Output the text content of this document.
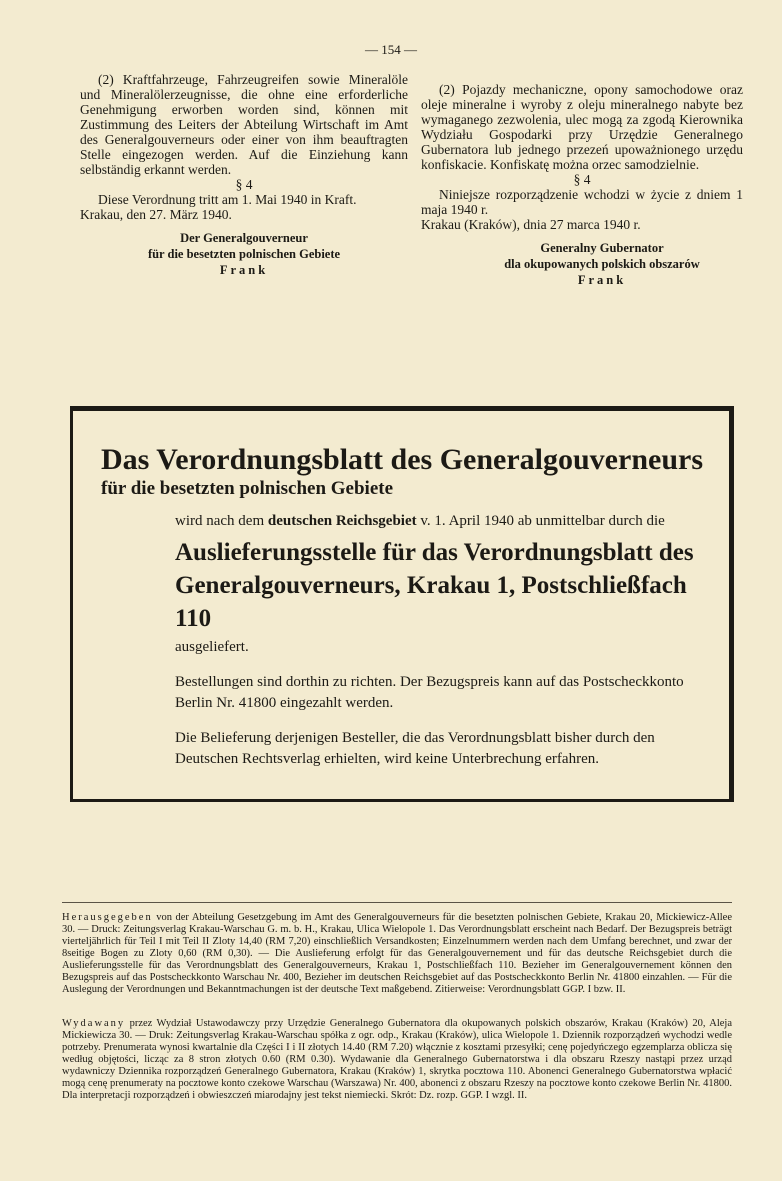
— 154 —

(2) Kraftfahrzeuge, Fahrzeugreifen sowie Mineralöle und Mineralölerzeugnisse, die ohne eine erforderliche Genehmigung erworben worden sind, können mit Zustimmung des Leiters der Abteilung Wirtschaft im Amt des Generalgouverneurs oder einer von ihm beauftragten Stelle eingezogen werden. Auf die Einziehung kann selbständig erkannt werden.

§ 4

Diese Verordnung tritt am 1. Mai 1940 in Kraft.

Krakau, den 27. März 1940.

Der Generalgouverneur
für die besetzten polnischen Gebiete
Frank

(2) Pojazdy mechaniczne, opony samochodowe oraz oleje mineralne i wyroby z oleju mineralnego nabyte bez wymaganego zezwolenia, ulec mogą za zgodą Kierownika Wydziału Gospodarki przy Urzędzie Generalnego Gubernatora lub jednego przezeń upoważnionego urzędu konfiskacie. Konfiskatę można orzec samodzielnie.

§ 4

Niniejsze rozporządzenie wchodzi w życie z dniem 1 maja 1940 r.

Krakau (Kraków), dnia 27 marca 1940 r.

Generalny Gubernator
dla okupowanych polskich obszarów
Frank

Das Verordnungsblatt des Generalgouverneurs

für die besetzten polnischen Gebiete

wird nach dem deutschen Reichsgebiet v. 1. April 1940 ab unmittelbar durch die

Auslieferungsstelle für das Verordnungsblatt des

Generalgouverneurs, Krakau 1, Postschließfach 110

ausgeliefert.

Bestellungen sind dorthin zu richten. Der Bezugspreis kann auf das Postscheckkonto Berlin Nr. 41800 eingezahlt werden.

Die Belieferung derjenigen Besteller, die das Verordnungsblatt bisher durch den Deutschen Rechtsverlag erhielten, wird keine Unterbrechung erfahren.

Herausgegeben von der Abteilung Gesetzgebung im Amt des Generalgouverneurs für die besetzten polnischen Gebiete, Krakau 20, Mickiewicz-Allee 30. — Druck: Zeitungsverlag Krakau-Warschau G. m. b. H., Krakau, Ulica Wielopole 1. Das Verordnungsblatt erscheint nach Bedarf. Der Bezugspreis beträgt vierteljährlich für Teil I mit Teil II Zloty 14,40 (RM 7,20) einschließlich Versandkosten; Einzelnummern werden nach dem Umfang berechnet, und zwar der 8seitige Bogen zu Zloty 0,60 (RM 0,30). — Die Auslieferung erfolgt für das Generalgouvernement und für das deutsche Reichsgebiet durch die Auslieferungsstelle für das Verordnungsblatt des Generalgouverneurs, Krakau 1, Postschließfach 110. Bezieher im Generalgouvernement können den Bezugspreis auf das Postscheckkonto Warschau Nr. 400, Bezieher im deutschen Reichsgebiet auf das Postscheckkonto Berlin Nr. 41800 einzahlen. — Für die Auslegung der Verordnungen und Bekanntmachungen ist der deutsche Text maßgebend. Zitierweise: Verordnungsblatt GGP. I bzw. II.
Wydawany przez Wydział Ustawodawczy przy Urzędzie Generalnego Gubernatora dla okupowanych polskich obszarów, Krakau (Kraków) 20, Aleja Mickiewicza 30. — Druk: Zeitungsverlag Krakau-Warschau spółka z ogr. odp., Krakau (Kraków), ulica Wielopole 1. Dziennik rozporządzeń wychodzi wedle potrzeby. Prenumerata wynosi kwartalnie dla Części I i II złotych 14.40 (RM 7.20) włącznie z kosztami przesyłki; cenę pojedyńczego egzemplarza oblicza się według objętości, licząc za 8 stron złotych 0.60 (RM 0.30). Wydawanie dla Generalnego Gubernatorstwa i dla obszaru Rzeszy nastąpi przez urząd wydawniczy Dziennika rozporządzeń Generalnego Gubernatora, Krakau (Kraków) 1, skrytka pocztowa 110. Abonenci Generalnego Gubernatorstwa wpłacić mogą cenę prenumeraty na pocztowe konto czekowe Warschau (Warszawa) Nr. 400, abonenci z obszaru Rzeszy na pocztowe konto czekowe Berlin Nr. 41800. Dla interpretacji rozporządzeń i obwieszczeń miarodajny jest tekst niemiecki. Skrót: Dz. rozp. GGP. I wzgl. II.
